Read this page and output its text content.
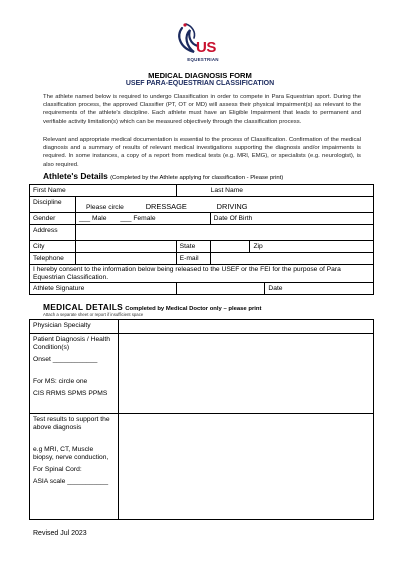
US
EQUESTRIAN
MEDICAL DIAGNOSIS FORM
USEF PARA-EQUESTRIAN CLASSIFICATION
The athlete named below is required to undergo Classification in order to compete in Para Equestrian sport. During the classification process, the approved Classifier (PT, OT or MD) will assess their physical impairment(s) as relevant to the requirements of the athlete's discipline. Each athlete must have an Eligible Impairment that leads to permanent and verifiable activity limitation(s) which can be measured objectively through the classification process.
Relevant and appropriate medical documentation is essential to the process of Classification. Confirmation of the medical diagnosis and a summary of results of relevant medical investigations supporting the diagnosis and/or impairments is required. In some instances, a copy of a report from medical tests (e.g. MRI, EMG), or specialists (e.g. neurologist), is also required.
Athlete's Details (Completed by the Athlete applying for classification - Please print)
First Name		Last Name			
Discipline	Please circle DRESSAGE DRIVING				
Gender	___ Male ___ Female		Date Of Birth		
Address					
City		State		Zip	
Telephone		E-mail			
I hereby consent to the information below being released to the USEF or the FEI for the purpose of Para Equestrian Classification.					
Athlete Signature					Date
MEDICAL DETAILS Completed by Medical Doctor only – please print
Attach a separate sheet or report if insufficient space
Physician Specialty	

Patient Diagnosis / Health Condition(s)

Onset ____________

For MS: circle one

CIS RRMS SPMS PPMS	

Test results to support the above diagnosis

e.g MRI, CT, Muscle biopsy, nerve conduction,

For Spinal Cord:

ASIA scale ___________	

Revised Jul 2023
